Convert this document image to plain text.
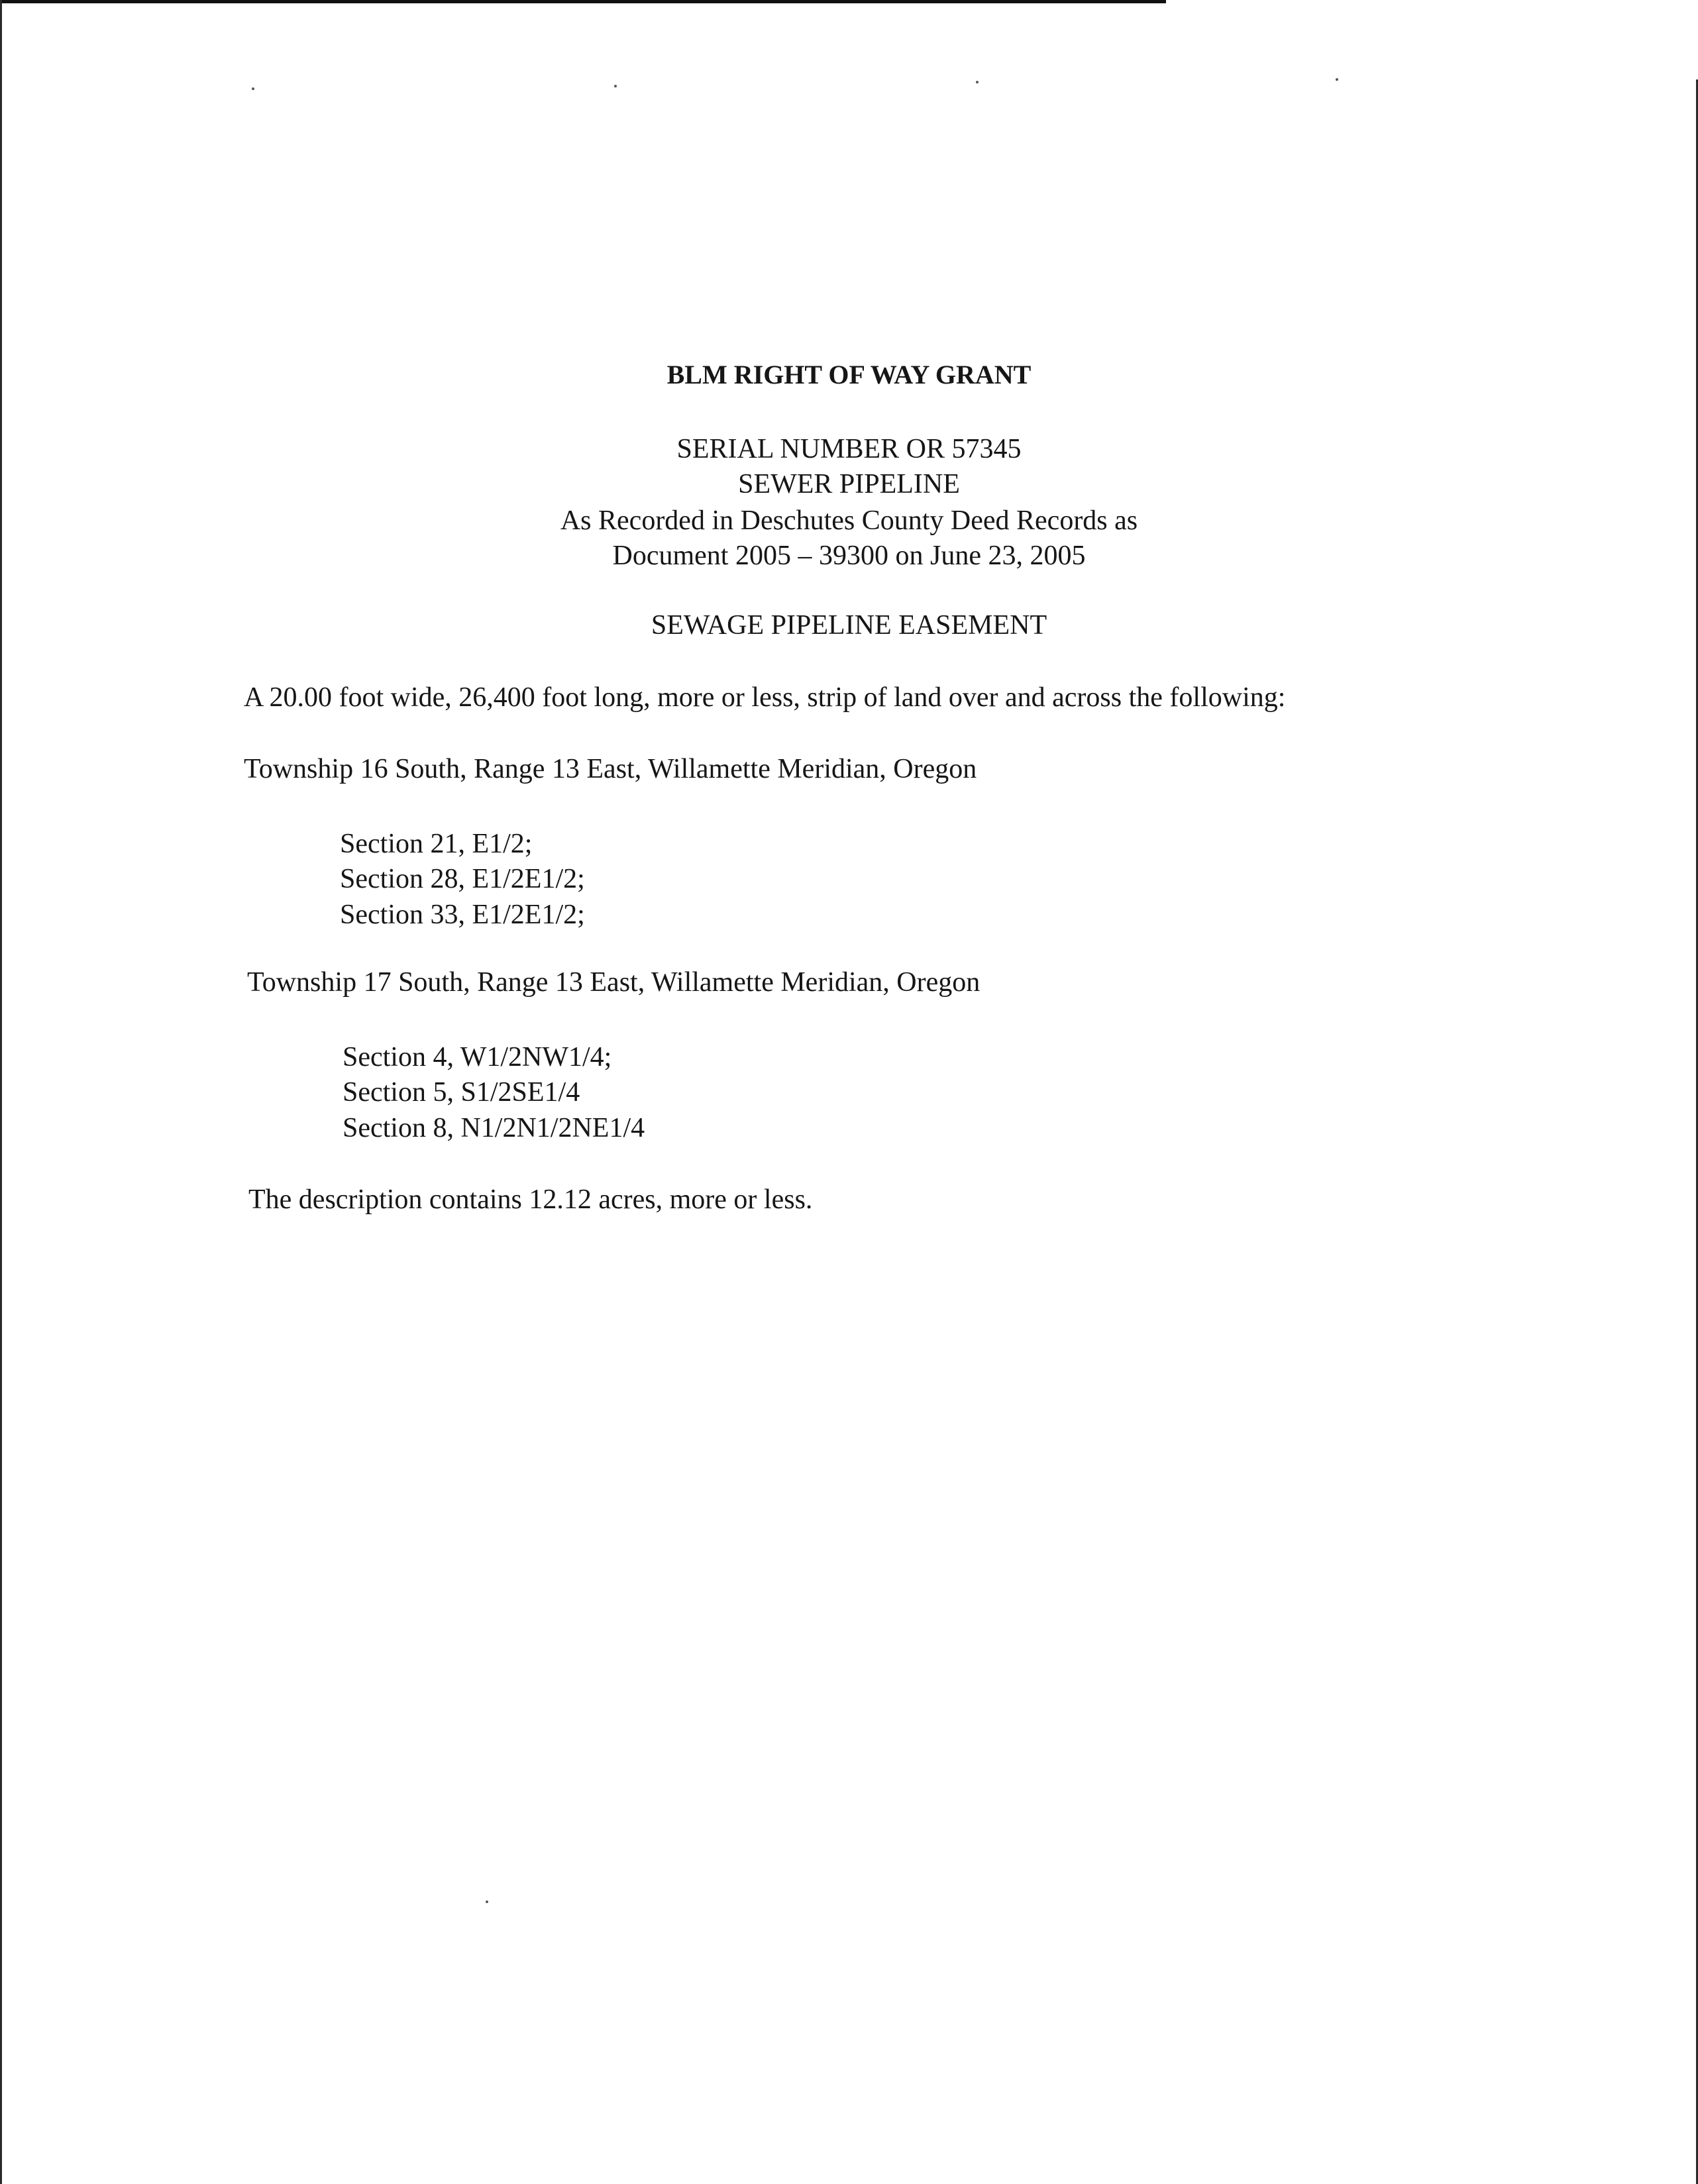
BLM RIGHT OF WAY GRANT
SERIAL NUMBER OR 57345
SEWER PIPELINE
As Recorded in Deschutes County Deed Records as
Document 2005 – 39300 on June 23, 2005
SEWAGE PIPELINE EASEMENT
A 20.00 foot wide, 26,400 foot long, more or less, strip of land over and across the following:
Township 16 South, Range 13 East, Willamette Meridian, Oregon
Section 21, E1/2;
Section 28, E1/2E1/2;
Section 33, E1/2E1/2;
Township 17 South, Range 13 East, Willamette Meridian, Oregon
Section 4, W1/2NW1/4;
Section 5, S1/2SE1/4
Section 8, N1/2N1/2NE1/4
The description contains 12.12 acres, more or less.
